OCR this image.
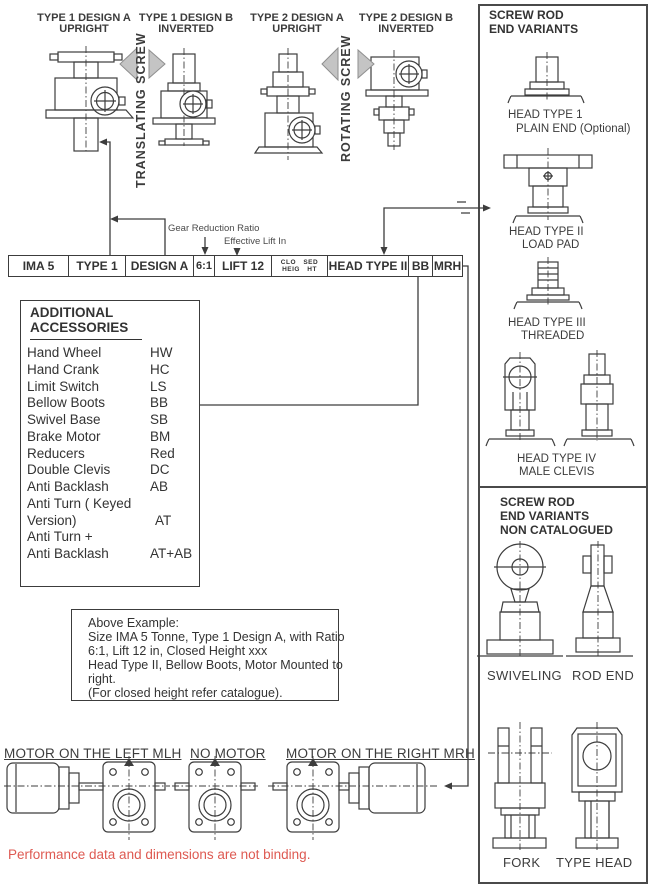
TYPE 1 DESIGN A
UPRIGHT
TYPE 1 DESIGN B
INVERTED
TYPE 2 DESIGN A
UPRIGHT
TYPE 2 DESIGN B
INVERTED
TRANSLATING SCREW	ROTATING SCREW
Gear Reduction Ratio
Effective Lift In
IMA 5	TYPE 1	DESIGN A 6:1 LIFT 12	CLO SED
HEIG HT HEAD TYPE II BB MRH
ADDITIONAL
ACCESSORIES
Hand Wheel	HW
Hand Crank	HC
Limit Switch	LS
Bellow Boots	BB
Swivel Base	SB
Brake Motor	BM
Reducers	Red
Double Clevis	DC
Anti Backlash	AB
Anti Turn ( Keyed
Version)	AT
Anti Turn +
Anti Backlash	AT+AB
Above Example:
Size IMA 5 Tonne, Type 1 Design A, with Ratio
6:1, Lift 12 in, Closed Height xxx
Head Type II, Bellow Boots, Motor Mounted to
right.
(For closed height refer catalogue).
MOTOR ON THE LEFT MLH NO MOTOR MOTOR ON THE RIGHT MRH
Performance data and dimensions are not binding.
SCREW ROD
END VARIANTS
HEAD TYPE 1
PLAIN END (Optional)
HEAD TYPE II
LOAD PAD
HEAD TYPE III
THREADED
HEAD TYPE IV
MALE CLEVIS
SCREW ROD
END VARIANTS
NON CATALOGUED
SWIVELING ROD END
FORK TYPE HEAD
